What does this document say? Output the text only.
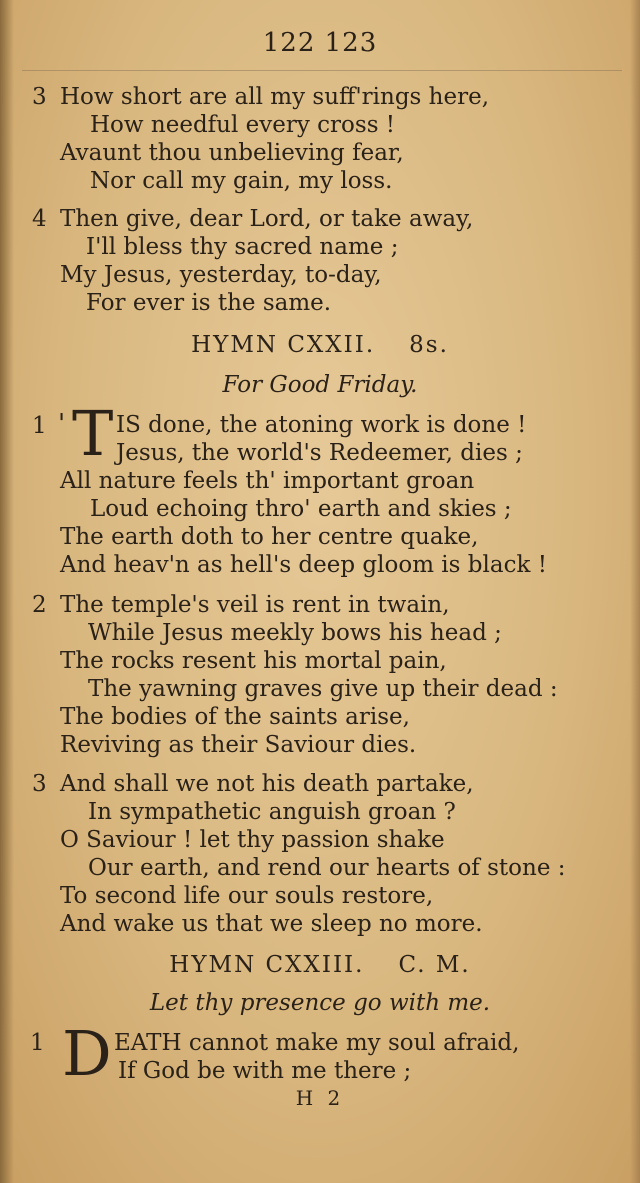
122 123
3 How short are all my suff'rings here,
How needful every cross !
Avaunt thou unbelieving fear,
Nor call my gain, my loss.
4 Then give, dear Lord, or take away,
I'll bless thy sacred name ;
My Jesus, yesterday, to-day,
For ever is the same.
HYMN CXXII. 8s.
For Good Friday.
1 ' T IS done, the atoning work is done !
Jesus, the world's Redeemer, dies ;
All nature feels th' important groan
Loud echoing thro' earth and skies ;
The earth doth to her centre quake,
And heav'n as hell's deep gloom is black !
2 The temple's veil is rent in twain,
While Jesus meekly bows his head ;
The rocks resent his mortal pain,
The yawning graves give up their dead :
The bodies of the saints arise,
Reviving as their Saviour dies.
3 And shall we not his death partake,
In sympathetic anguish groan ?
O Saviour ! let thy passion shake
Our earth, and rend our hearts of stone :
To second life our souls restore,
And wake us that we sleep no more.
HYMN CXXIII. C. M.
Let thy presence go with me.
1 D EATH cannot make my soul afraid,
If God be with me there ;
H 2
